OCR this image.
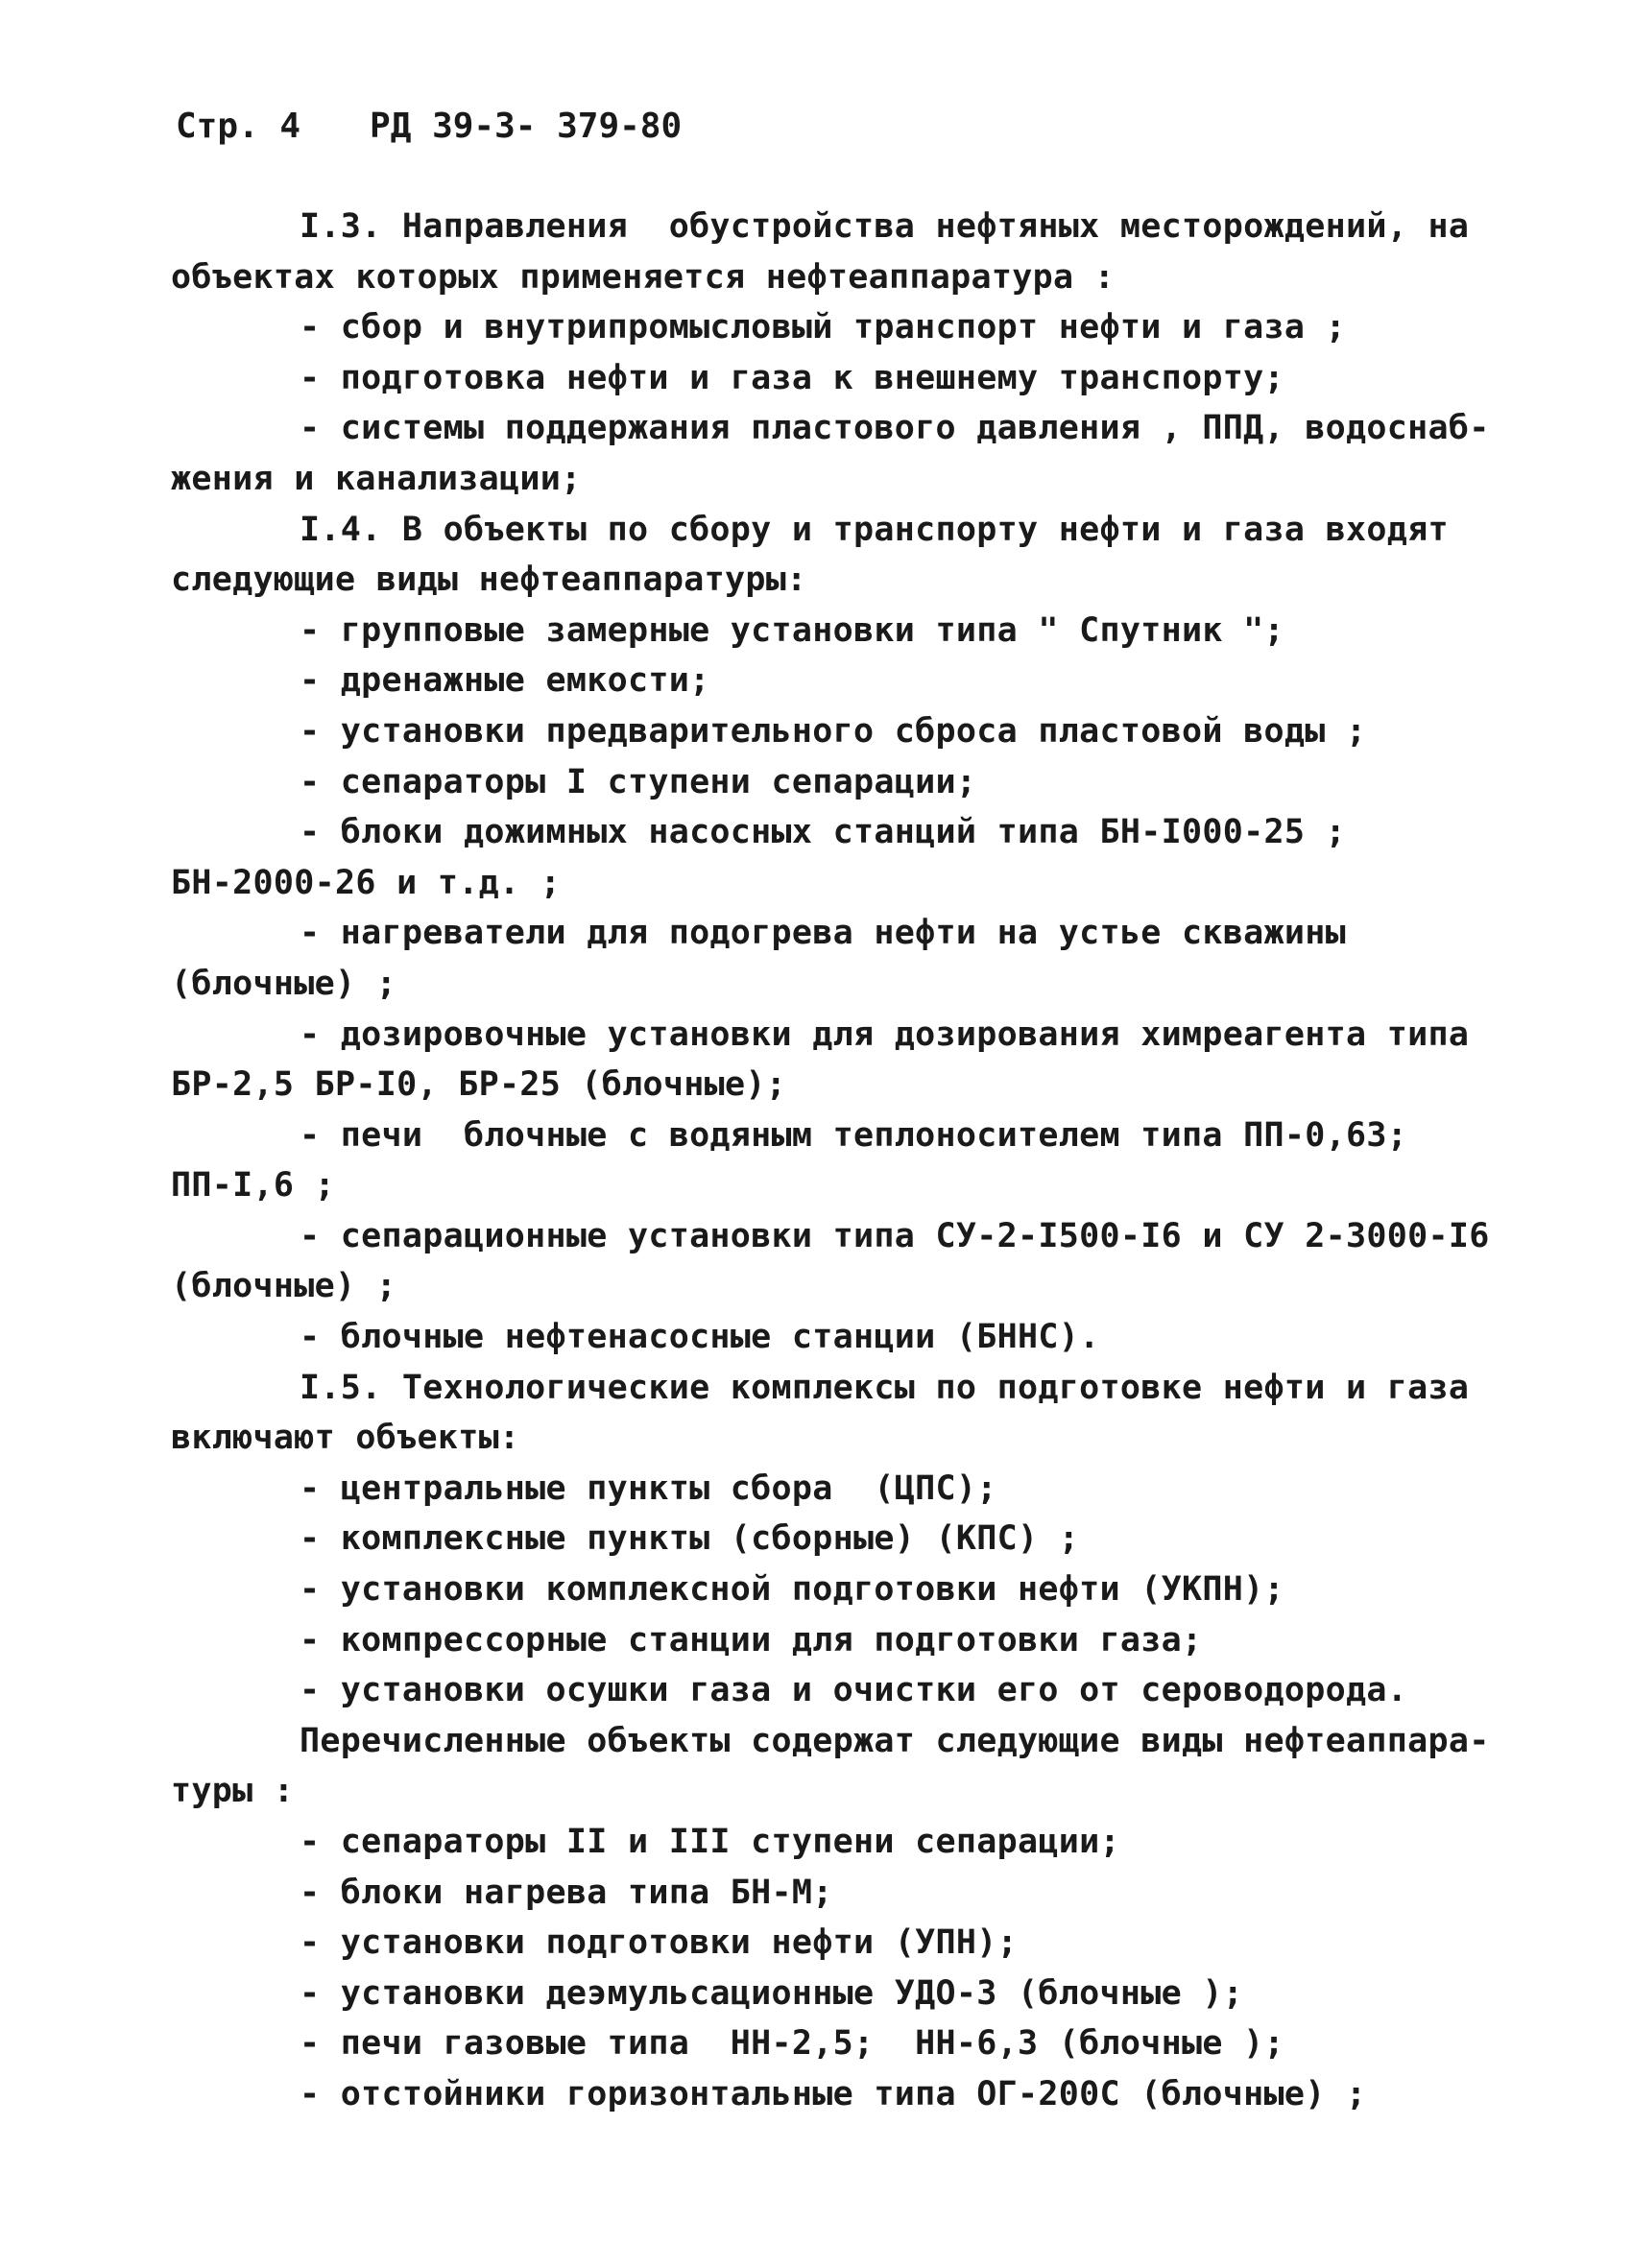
Стр. 4 РД 39-3- 379-80
I.3. Направления  обустройства нефтяных месторождений, на
объектах которых применяется нефтеаппаратура :
- сбор и внутрипромысловый транспорт нефти и газа ;
- подготовка нефти и газа к внешнему транспорту;
- системы поддержания пластового давления , ППД, водоснаб-
жения и канализации;
I.4. В объекты по сбору и транспорту нефти и газа входят
следующие виды нефтеаппаратуры:
- групповые замерные установки типа " Спутник ";
- дренажные емкости;
- установки предварительного сброса пластовой воды ;
- сепараторы I ступени сепарации;
- блоки дожимных насосных станций типа БН-I000-25 ;
БН-2000-26 и т.д. ;
- нагреватели для подогрева нефти на устье скважины
(блочные) ;
- дозировочные установки для дозирования химреагента типа
БР-2,5 БР-I0, БР-25 (блочные);
- печи  блочные с водяным теплоносителем типа ПП-0,63;
ПП-I,6 ;
- сепарационные установки типа СУ-2-I500-I6 и СУ 2-3000-I6
(блочные) ;
- блочные нефтенасосные станции (БННС).
I.5. Технологические комплексы по подготовке нефти и газа
включают объекты:
- центральные пункты сбора  (ЦПС);
- комплексные пункты (сборные) (КПС) ;
- установки комплексной подготовки нефти (УКПН);
- компрессорные станции для подготовки газа;
- установки осушки газа и очистки его от сероводорода.
Перечисленные объекты содержат следующие виды нефтеаппара-
туры :
- сепараторы II и III ступени сепарации;
- блоки нагрева типа БН-М;
- установки подготовки нефти (УПН);
- установки деэмульсационные УДО-3 (блочные );
- печи газовые типа  НН-2,5;  НН-6,3 (блочные );
- отстойники горизонтальные типа ОГ-200С (блочные) ;
